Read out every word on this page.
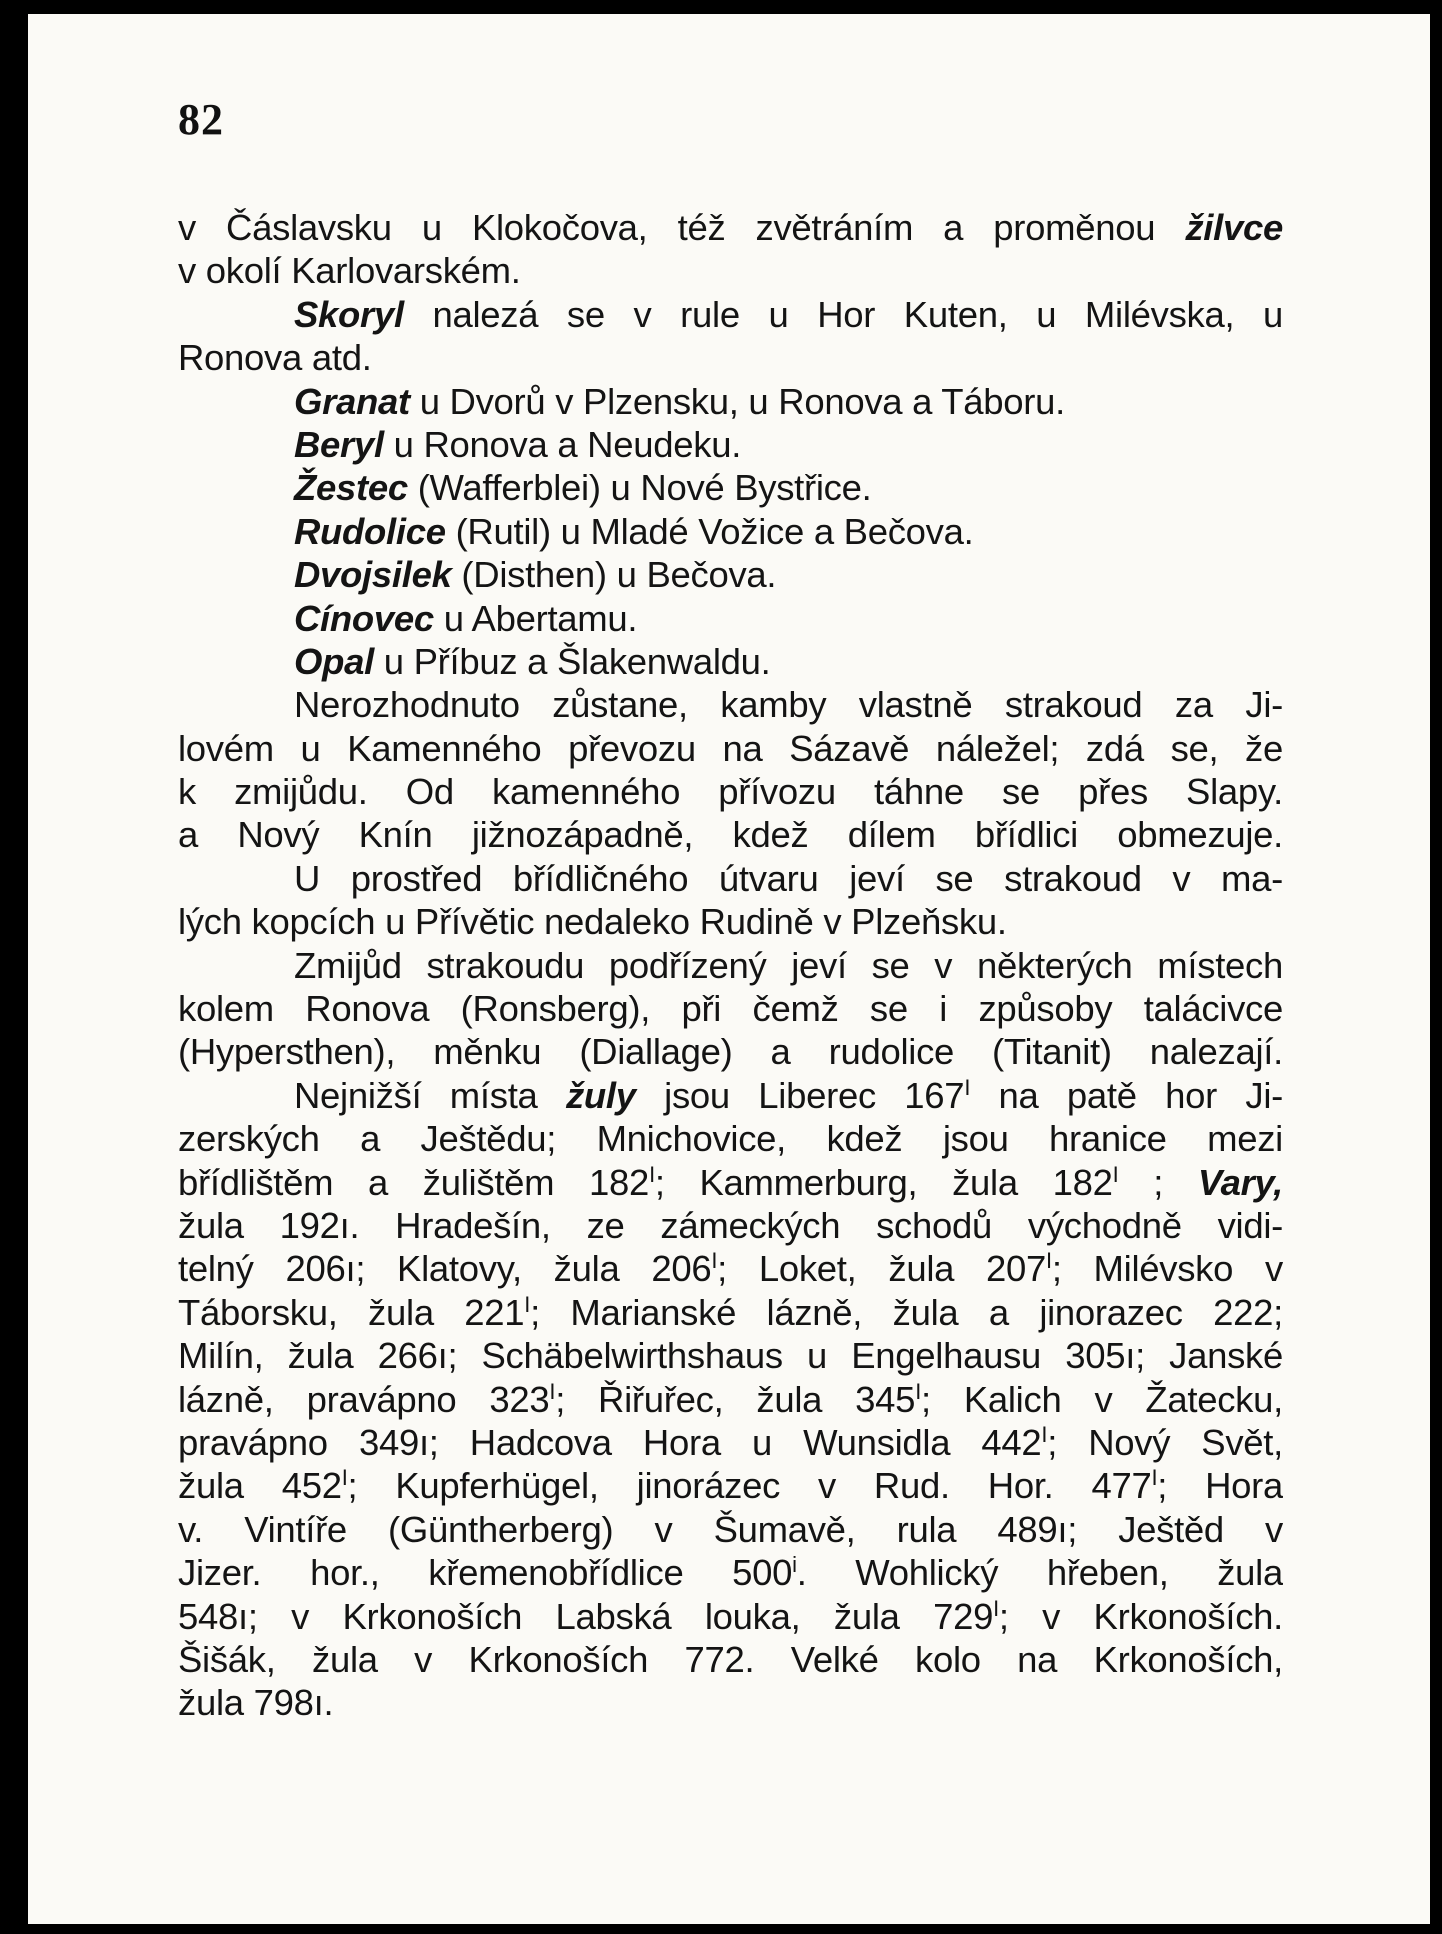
82
v Čáslavsku u Klokočova, též zvětráním a proměnou žilvce
v okolí Karlovarském.
Skoryl nalezá se v rule u Hor Kuten, u Milévska, u
Ronova atd.
Granat u Dvorů v Plzensku, u Ronova a Táboru.
Beryl u Ronova a Neudeku.
Žestec (Wafferblei) u Nové Bystřice.
Rudolice (Rutil) u Mladé Vožice a Bečova.
Dvojsilek (Disthen) u Bečova.
Cínovec u Abertamu.
Opal u Příbuz a Šlakenwaldu.
Nerozhodnuto zůstane, kamby vlastně strakoud za Ji-
lovém u Kamenného převozu na Sázavě náležel; zdá se, že
k zmijůdu. Od kamenného přívozu táhne se přes Slapy.
a Nový Knín jižnozápadně, kdež dílem břídlici obmezuje.
U prostřed břídličného útvaru jeví se strakoud v ma-
lých kopcích u Přívětic nedaleko Rudině v Plzeňsku.
Zmijůd strakoudu podřízený jeví se v některých místech
kolem Ronova (Ronsberg), při čemž se i způsoby talácivce
(Hypersthen), měnku (Diallage) a rudolice (Titanit) nalezají.
Nejnižší místa žuly jsou Liberec $167^I$ na patě hor Ji-
zerských a Ještědu; Mnichovice, kdež jsou hranice mezi
břídlištěm a žulištěm $182^I$; Kammerburg, žula $182^I$ ; Vary,
žula 192ı. Hradešín, ze zámeckých schodů východně vidi-
telný 206ı; Klatovy, žula $206^I$; Loket, žula $207^I$; Milévsko v
Táborsku, žula $221^I$; Marianské lázně, žula a jinorazec 222;
Milín, žula 266ı; Schäbelwirthshaus u Engelhausu 305ı; Janské
lázně, pravápno $323^I$; Řiřuřec, žula $345^I$; Kalich v Žatecku,
pravápno 349ı; Hadcova Hora u Wunsidla $442^I$; Nový Svět,
žula $452^I$; Kupferhügel, jinorázec v Rud. Hor. $477^I$; Hora
v. Vintíře (Güntherberg) v Šumavě, rula 489ı; Ještěd v
Jizer. hor., křemenobřídlice 500$^i$. Wohlický hřeben, žula
548ı; v Krkonoších Labská louka, žula $729^I$; v Krkonoších.
Šišák, žula v Krkonoších 772. Velké kolo na Krkonoších,
žula 798ı.
